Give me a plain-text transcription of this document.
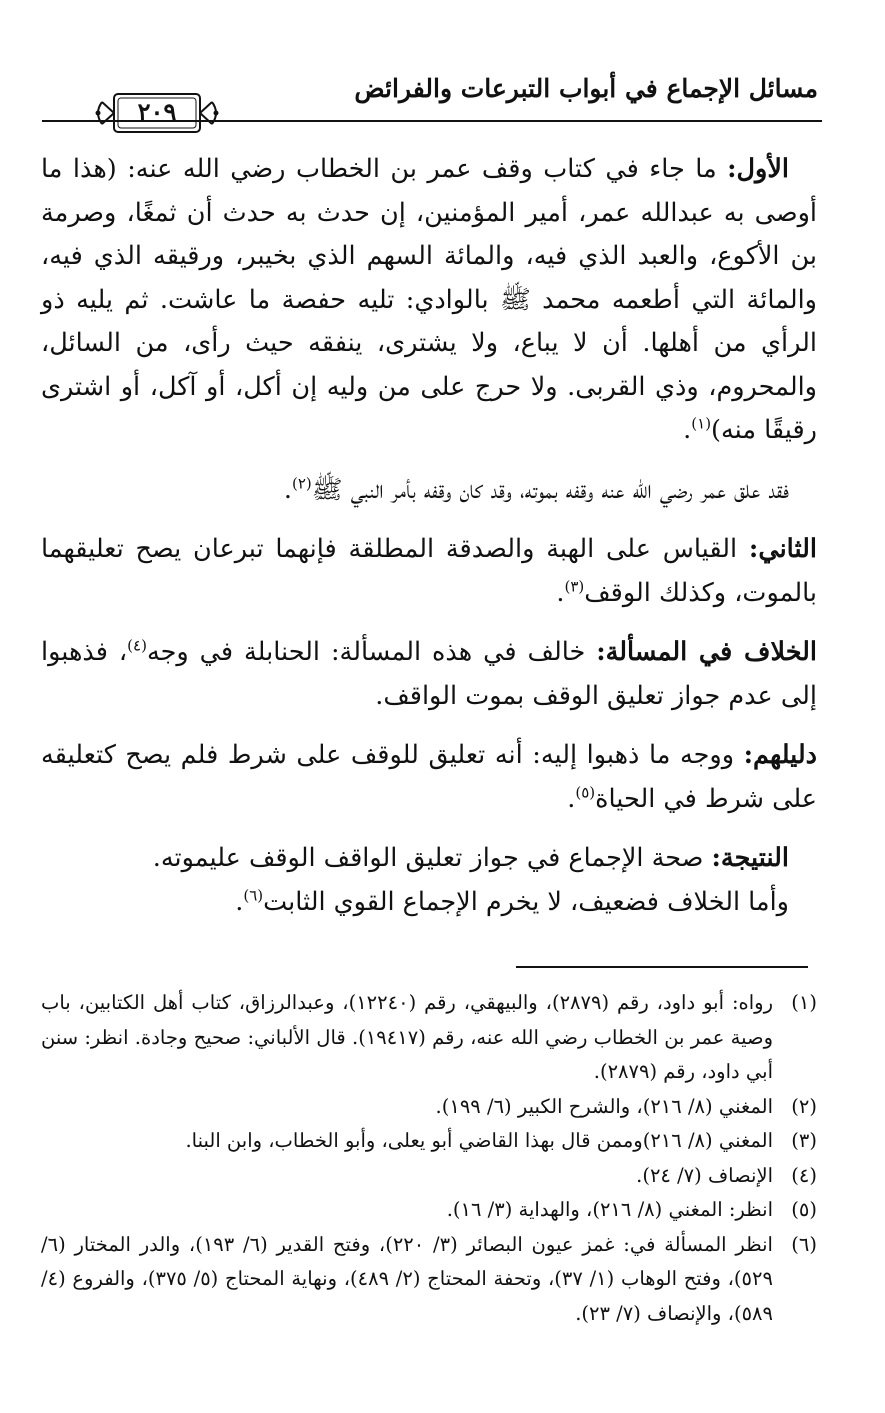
مسائل الإجماع في أبواب التبرعات والفرائض
٢٠٩

الأول: ما جاء في كتاب وقف عمر بن الخطاب رضي الله عنه: (هذا ما أوصى به عبدالله عمر، أمير المؤمنين، إن حدث به حدث أن ثمغًا، وصرمة بن الأكوع، والعبد الذي فيه، والمائة السهم الذي بخيبر، ورقيقه الذي فيه، والمائة التي أطعمه محمد ﷺ بالوادي: تليه حفصة ما عاشت. ثم يليه ذو الرأي من أهلها. أن لا يباع، ولا يشترى، ينفقه حيث رأى، من السائل، والمحروم، وذي القربى. ولا حرج على من وليه إن أكل، أو آكل، أو اشترى رقيقًا منه)$^{(١)}$.

فقد علق عمر رضي الله عنه وقفه بموته، وقد كان وقفه بأمر النبي ﷺ$^{(٢)}$.

الثاني: القياس على الهبة والصدقة المطلقة فإنهما تبرعان يصح تعليقهما بالموت، وكذلك الوقف$^{(٣)}$.

الخلاف في المسألة: خالف في هذه المسألة: الحنابلة في وجه$^{(٤)}$، فذهبوا إلى عدم جواز تعليق الوقف بموت الواقف.

دليلهم: ووجه ما ذهبوا إليه: أنه تعليق للوقف على شرط فلم يصح كتعليقه على شرط في الحياة$^{(٥)}$.

النتيجة: صحة الإجماع في جواز تعليق الواقف الوقف عليموته.

وأما الخلاف فضعيف، لا يخرم الإجماع القوي الثابت$^{(٦)}$.

(١)
رواه: أبو داود، رقم (٢٨٧٩)، والبيهقي، رقم (١٢٢٤٠)، وعبدالرزاق، كتاب أهل الكتابين، باب وصية عمر بن الخطاب رضي الله عنه، رقم (١٩٤١٧). قال الألباني: صحيح وجادة. انظر: سنن أبي داود، رقم (٢٨٧٩).
(٢)
المغني (٨/ ٢١٦)، والشرح الكبير (٦/ ١٩٩).
(٣)
المغني (٨/ ٢١٦)وممن قال بهذا القاضي أبو يعلى، وأبو الخطاب، وابن البنا.
(٤)
الإنصاف (٧/ ٢٤).
(٥)
انظر: المغني (٨/ ٢١٦)، والهداية (٣/ ١٦).
(٦)
انظر المسألة في: غمز عيون البصائر (٣/ ٢٢٠)، وفتح القدير (٦/ ١٩٣)، والدر المختار (٦/ ٥٢٩)، وفتح الوهاب (١/ ٣٧)، وتحفة المحتاج (٢/ ٤٨٩)، ونهاية المحتاج (٥/ ٣٧٥)، والفروع (٤/ ٥٨٩)، والإنصاف (٧/ ٢٣).
